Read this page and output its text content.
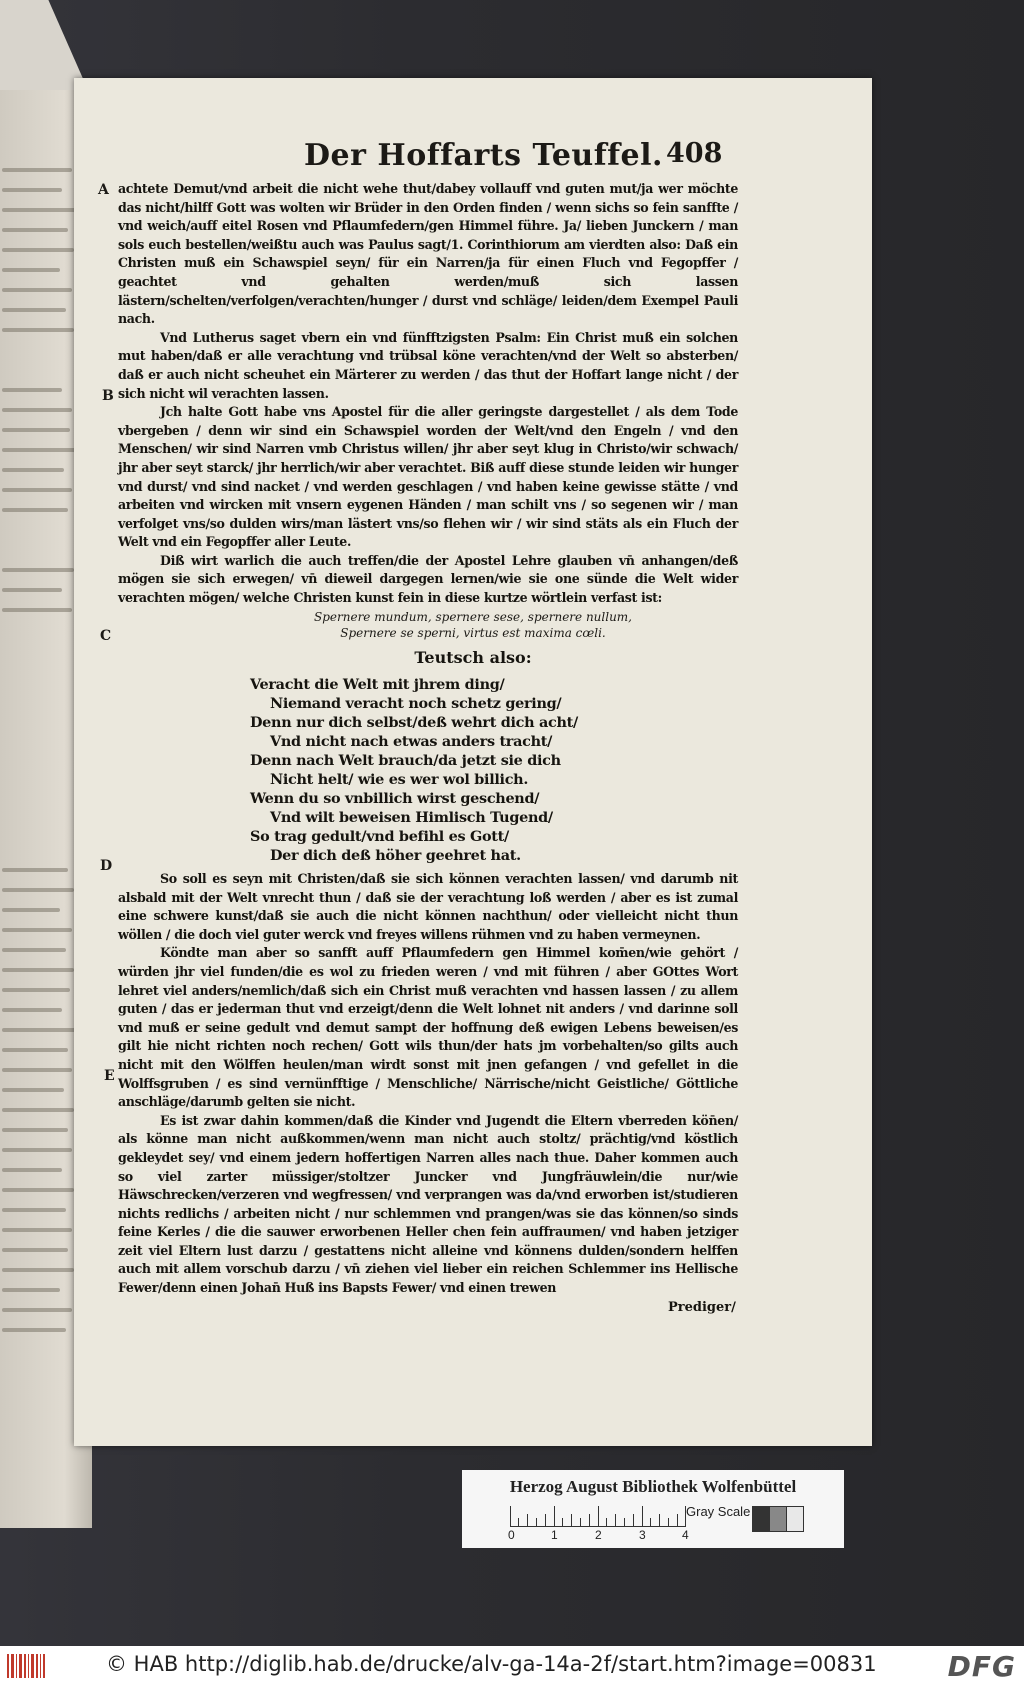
Der Hoffarts Teuffel. 408
A
B
C
D
E

achtete Demut/vnd arbeit die nicht wehe thut/dabey vollauff vnd guten mut/ja wer möchte das nicht/hilff Gott was wolten wir Brüder in den Orden finden / wenn sichs so fein sanffte / vnd weich/auff eitel Rosen vnd Pflaumfedern/gen Himmel führe. Ja/ lieben Junckern / man sols euch bestellen/weißtu auch was Paulus sagt/1. Corinthiorum am vierdten also: Daß ein Christen muß ein Schawspiel seyn/ für ein Narren/ja für einen Fluch vnd Fegopffer / geachtet vnd gehalten werden/muß sich lassen lästern/schelten/verfolgen/verachten/hunger / durst vnd schläge/ leiden/dem Exempel Pauli nach.

Vnd Lutherus saget vbern ein vnd fünfftzigsten Psalm: Ein Christ muß ein solchen mut haben/daß er alle verachtung vnd trübsal köne verachten/vnd der Welt so absterben/ daß er auch nicht scheuhet ein Märterer zu werden / das thut der Hoffart lange nicht / der sich nicht wil verachten lassen.

Jch halte Gott habe vns Apostel für die aller geringste dargestellet / als dem Tode vbergeben / denn wir sind ein Schawspiel worden der Welt/vnd den Engeln / vnd den Menschen/ wir sind Narren vmb Christus willen/ jhr aber seyt klug in Christo/wir schwach/ jhr aber seyt starck/ jhr herrlich/wir aber verachtet. Biß auff diese stunde leiden wir hunger vnd durst/ vnd sind nacket / vnd werden geschlagen / vnd haben keine gewisse stätte / vnd arbeiten vnd wircken mit vnsern eygenen Händen / man schilt vns / so segenen wir / man verfolget vns/so dulden wirs/man lästert vns/so flehen wir / wir sind stäts als ein Fluch der Welt vnd ein Fegopffer aller Leute.

Diß wirt warlich die auch treffen/die der Apostel Lehre glauben vn̄ anhangen/deß mögen sie sich erwegen/ vn̄ dieweil dargegen lernen/wie sie one sünde die Welt wider verachten mögen/ welche Christen kunst fein in diese kurtze wörtlein verfast ist:

Spernere mundum, spernere sese, spernere nullum,
Spernere se sperni, virtus est maxima cœli.
Teutsch also:
Veracht die Welt mit jhrem ding/
Niemand veracht noch schetz gering/
Denn nur dich selbst/deß wehrt dich acht/
Vnd nicht nach etwas anders tracht/
Denn nach Welt brauch/da jetzt sie dich
Nicht helt/ wie es wer wol billich.
Wenn du so vnbillich wirst geschend/
Vnd wilt beweisen Himlisch Tugend/
So trag gedult/vnd befihl es Gott/
Der dich deß höher geehret hat.

So soll es seyn mit Christen/daß sie sich können verachten lassen/ vnd darumb nit alsbald mit der Welt vnrecht thun / daß sie der verachtung loß werden / aber es ist zumal eine schwere kunst/daß sie auch die nicht können nachthun/ oder vielleicht nicht thun wöllen / die doch viel guter werck vnd freyes willens rühmen vnd zu haben vermeynen.

Köndte man aber so sanfft auff Pflaumfedern gen Himmel kom̄en/wie gehört / würden jhr viel funden/die es wol zu frieden weren / vnd mit führen / aber GOttes Wort lehret viel anders/nemlich/daß sich ein Christ muß verachten vnd hassen lassen / zu allem guten / das er jederman thut vnd erzeigt/denn die Welt lohnet nit anders / vnd darinne soll vnd muß er seine gedult vnd demut sampt der hoffnung deß ewigen Lebens beweisen/es gilt hie nicht richten noch rechen/ Gott wils thun/der hats jm vorbehalten/so gilts auch nicht mit den Wölffen heulen/man wirdt sonst mit jnen gefangen / vnd gefellet in die Wolffsgruben / es sind vernünfftige / Menschliche/ Närrische/nicht Geistliche/ Göttliche anschläge/darumb gelten sie nicht.

Es ist zwar dahin kommen/daß die Kinder vnd Jugendt die Eltern vberreden kön̄en/ als könne man nicht außkommen/wenn man nicht auch stoltz/ prächtig/vnd köstlich gekleydet sey/ vnd einem jedern hoffertigen Narren alles nach thue. Daher kommen auch so viel zarter müssiger/stoltzer Juncker vnd Jungfräuwlein/die nur/wie Häwschrecken/verzeren vnd wegfressen/ vnd verprangen was da/vnd erworben ist/studieren nichts redlichs / arbeiten nicht / nur schlemmen vnd prangen/was sie das können/so sinds feine Kerles / die die sauwer erworbenen Heller chen fein auffraumen/ vnd haben jetziger zeit viel Eltern lust darzu / gestattens nicht alleine vnd könnens dulden/sondern helffen auch mit allem vorschub darzu / vn̄ ziehen viel lieber ein reichen Schlemmer ins Hellische Fewer/denn einen Johan̄ Huß ins Bapsts Fewer/ vnd einen trewen

Prediger/
Herzog August Bibliothek Wolfenbüttel
0	1	2	3	4
Gray Scale
© HAB http://diglib.hab.de/drucke/alv-ga-14a-2f/start.htm?image=00831	DFG
